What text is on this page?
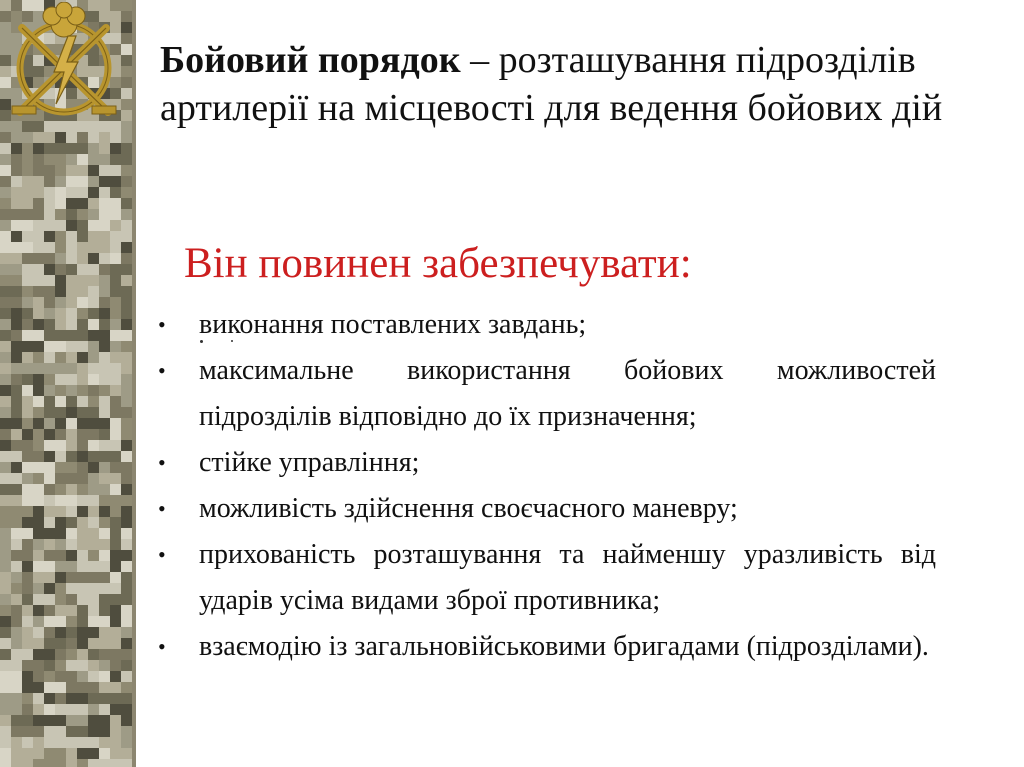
Бойовий порядок – розташування підрозділів артилерії на місцевості для ведення бойових дій
Він повинен забезпечувати:
• виконання поставлених завдань;
• максимальне використання бойових можливостей підрозділів відповідно до їх призначення;
• стійке управління;
• можливість здійснення своєчасного маневру;
• прихованість розташування та найменшу уразливість від ударів усіма видами зброї противника;
• взаємодію із загальновійськовими бригадами (підрозділами).
